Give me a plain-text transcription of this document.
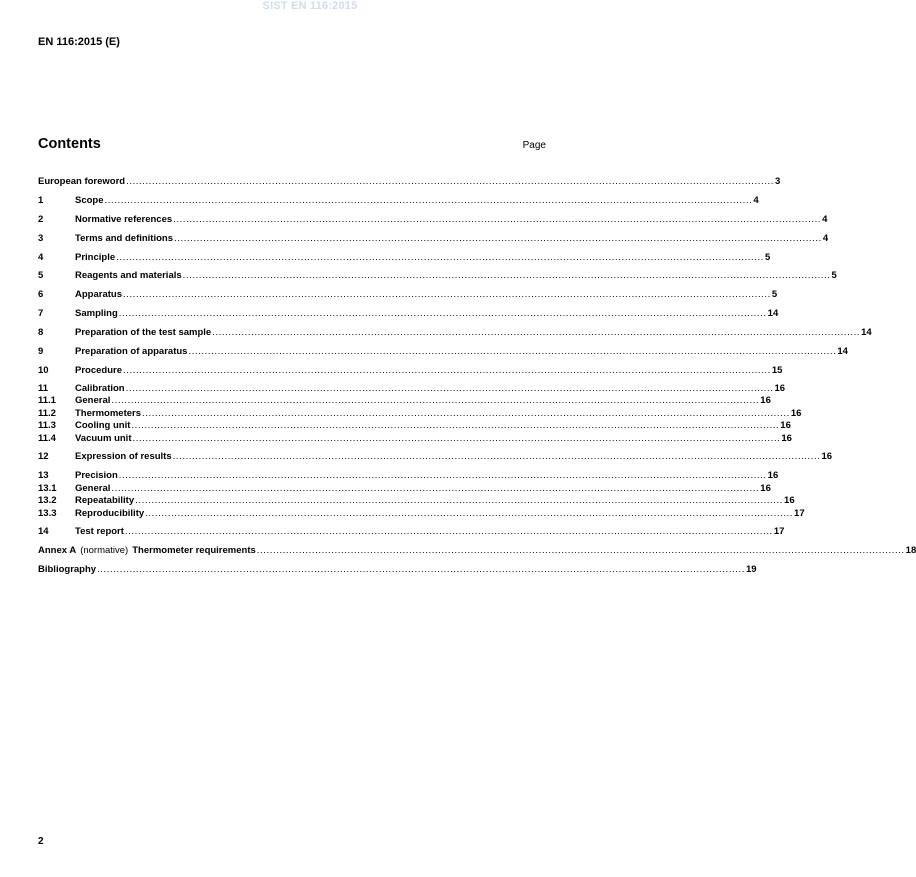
SIST EN 116:2015
EN 116:2015 (E)
Contents	Page
European foreword ........................................................................................................................................................................................................ 3
1	Scope ........................................................................................................................................................................................................ 4
2	Normative references ........................................................................................................................................................................................................ 4
3	Terms and definitions ........................................................................................................................................................................................................ 4
4	Principle ........................................................................................................................................................................................................ 5
5	Reagents and materials ........................................................................................................................................................................................................ 5
6	Apparatus ........................................................................................................................................................................................................ 5
7	Sampling ........................................................................................................................................................................................................ 14
8	Preparation of the test sample ........................................................................................................................................................................................................ 14
9	Preparation of apparatus ........................................................................................................................................................................................................ 14
10	Procedure ........................................................................................................................................................................................................ 15
11	Calibration ........................................................................................................................................................................................................ 16
11.1	General ........................................................................................................................................................................................................ 16
11.2	Thermometers ........................................................................................................................................................................................................ 16
11.3	Cooling unit ........................................................................................................................................................................................................ 16
11.4	Vacuum unit ........................................................................................................................................................................................................ 16
12	Expression of results ........................................................................................................................................................................................................ 16
13	Precision ........................................................................................................................................................................................................ 16
13.1	General ........................................................................................................................................................................................................ 16
13.2	Repeatability ........................................................................................................................................................................................................ 16
13.3	Reproducibility ........................................................................................................................................................................................................ 17
14	Test report ........................................................................................................................................................................................................ 17
Annex A (normative) Thermometer requirements ........................................................................................................................................................................................................ 18
Bibliography ........................................................................................................................................................................................................ 19
2
